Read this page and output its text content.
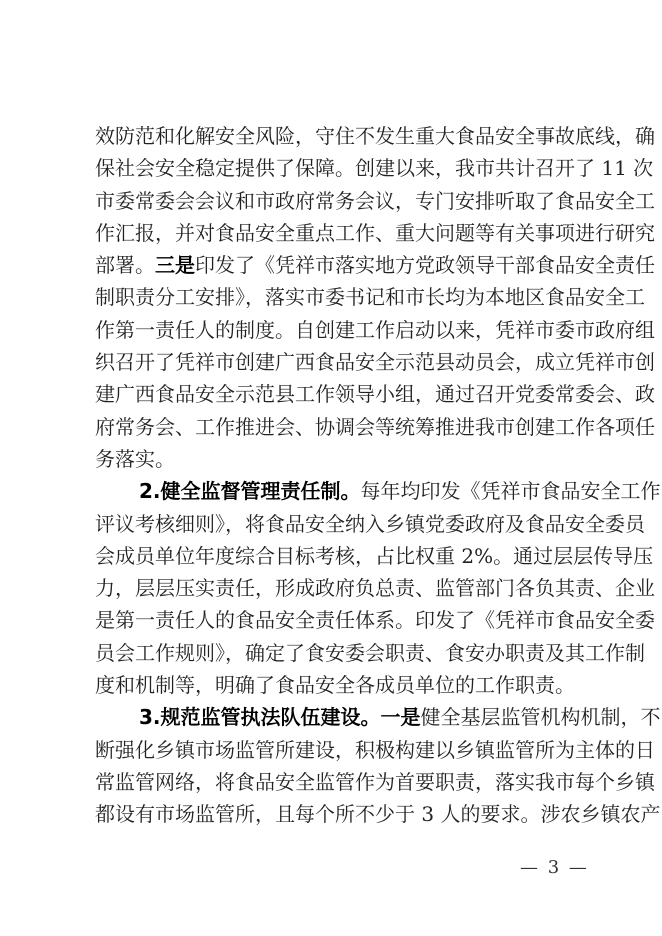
效防范和化解安全风险，守住不发生重大食品安全事故底线，确
保社会安全稳定提供了保障。创建以来，我市共计召开了 11 次
市委常委会会议和市政府常务会议，专门安排听取了食品安全工
作汇报，并对食品安全重点工作、重大问题等有关事项进行研究
部署。三是印发了《凭祥市落实地方党政领导干部食品安全责任
制职责分工安排》，落实市委书记和市长均为本地区食品安全工
作第一责任人的制度。自创建工作启动以来，凭祥市委市政府组
织召开了凭祥市创建广西食品安全示范县动员会，成立凭祥市创
建广西食品安全示范县工作领导小组，通过召开党委常委会、政
府常务会、工作推进会、协调会等统筹推进我市创建工作各项任
务落实。
2.健全监督管理责任制。每年均印发《凭祥市食品安全工作
评议考核细则》，将食品安全纳入乡镇党委政府及食品安全委员
会成员单位年度综合目标考核，占比权重 2%。通过层层传导压
力，层层压实责任，形成政府负总责、监管部门各负其责、企业
是第一责任人的食品安全责任体系。印发了《凭祥市食品安全委
员会工作规则》，确定了食安委会职责、食安办职责及其工作制
度和机制等，明确了食品安全各成员单位的工作职责。
3.规范监管执法队伍建设。一是健全基层监管机构机制，不
断强化乡镇市场监管所建设，积极构建以乡镇监管所为主体的日
常监管网络，将食品安全监管作为首要职责，落实我市每个乡镇
都设有市场监管所，且每个所不少于 3 人的要求。涉农乡镇农产
— 3 —
